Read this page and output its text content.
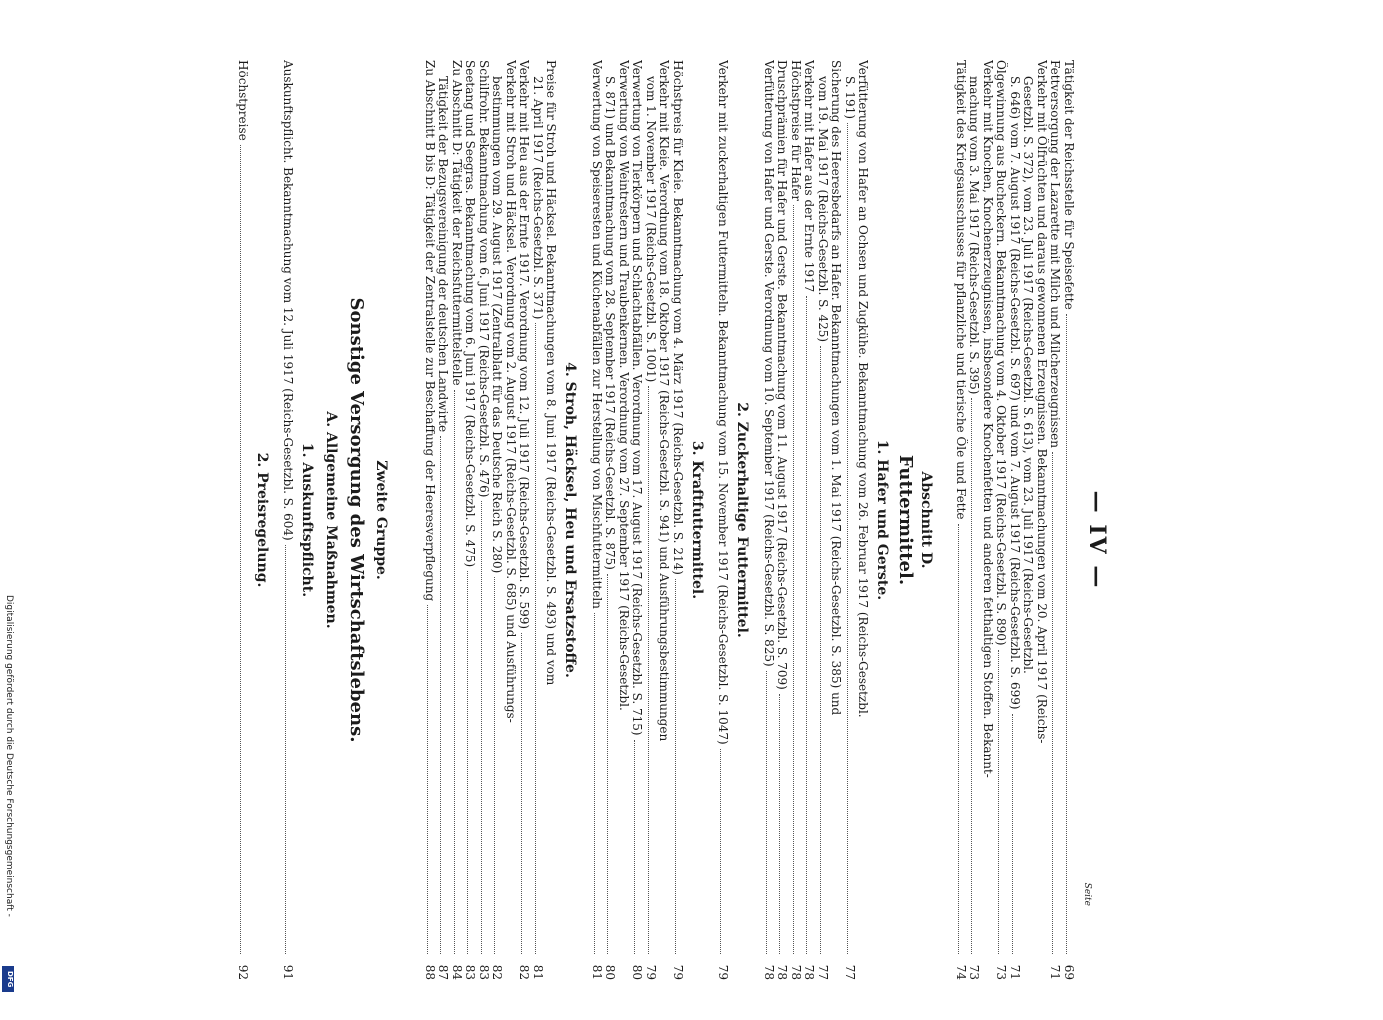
— IV —
Seite
Tätigkeit der Reichsstelle für Speisefette
69
Fettversorgung der Lazarette mit Milch und Milcherzeugnissen
71
Verkehr mit Ölfrüchten und daraus gewonnenen Erzeugnissen. Bekanntmachungen vom 20. April 1917 (Reichs-
Gesetzbl. S. 372), vom 23. Juli 1917 (Reichs-Gesetzbl. S. 613), vom 23. Juli 1917 (Reichs-Gesetzbl.
S. 646) vom 7. August 1917 (Reichs-Gesetzbl. S. 697) und vom 7. August 1917 (Reichs-Gesetzbl. S. 699)
71
Ölgewinnung aus Bucheckern. Bekanntmachung vom 4. Oktober 1917 (Reichs-Gesetzbl. S. 890)
73
Verkehr mit Knochen, Knochenerzeugnissen, insbesondere Knochenfetten und anderen fetthaltigen Stoffen. Bekannt-
machung vom 3. Mai 1917 (Reichs-Gesetzbl. S. 395)
73
Tätigkeit des Kriegsausschusses für pflanzliche und tierische Öle und Fette
74
Abschnitt D.
Futtermittel.
1. Hafer und Gerste.
Verfütterung von Hafer an Ochsen und Zugkühe. Bekanntmachung vom 26. Februar 1917 (Reichs-Gesetzbl.
S. 191)
77
Sicherung des Heeresbedarfs an Hafer. Bekanntmachungen vom 1. Mai 1917 (Reichs-Gesetzbl. S. 385) und
vom 19. Mai 1917 (Reichs-Gesetzbl. S. 425)
77
Verkehr mit Hafer aus der Ernte 1917
78
Höchstpreise für Hafer
78
Druschprämien für Hafer und Gerste. Bekanntmachung vom 11. August 1917 (Reichs-Gesetzbl. S. 709)
78
Verfütterung von Hafer und Gerste. Verordnung vom 10. September 1917 (Reichs-Gesetzbl. S. 825)
78
2. Zuckerhaltige Futtermittel.
Verkehr mit zuckerhaltigen Futtermitteln. Bekanntmachung vom 15. November 1917 (Reichs-Gesetzbl. S. 1047)
79
3. Kraftfuttermittel.
Höchstpreis für Kleie. Bekanntmachung vom 4. März 1917 (Reichs-Gesetzbl. S. 214)
79
Verkehr mit Kleie. Verordnung vom 18. Oktober 1917 (Reichs-Gesetzbl. S. 941) und Ausführungsbestimmungen
vom 1. November 1917 (Reichs-Gesetzbl. S. 1001)
79
Verwertung von Tierkörpern und Schlachtabfällen. Verordnung vom 17. August 1917 (Reichs-Gesetzbl. S. 715)
80
Verwertung von Weintrestern und Traubenkernen. Verordnung vom 27. September 1917 (Reichs-Gesetzbl.
S. 871) und Bekanntmachung vom 28. September 1917 (Reichs-Gesetzbl. S. 875)
80
Verwertung von Speiseresten und Küchenabfällen zur Herstellung von Mischfuttermitteln
81
4. Stroh, Häcksel, Heu und Ersatzstoffe.
Preise für Stroh und Häcksel. Bekanntmachungen vom 8. Juni 1917 (Reichs-Gesetzbl. S. 493) und vom
21. April 1917 (Reichs-Gesetzbl. S. 371)
81
Verkehr mit Heu aus der Ernte 1917. Verordnung vom 12. Juli 1917 (Reichs-Gesetzbl. S. 599)
82
Verkehr mit Stroh und Häcksel. Verordnung vom 2. August 1917 (Reichs-Gesetzbl. S. 685) und Ausführungs-
bestimmungen vom 29. August 1917 (Zentralblatt für das Deutsche Reich S. 280)
82
Schilfrohr. Bekanntmachung vom 6. Juni 1917 (Reichs-Gesetzbl. S. 476)
83
Seetang und Seegras. Bekanntmachung vom 6. Juni 1917 (Reichs-Gesetzbl. S. 475)
83
Zu Abschnitt D: Tätigkeit der Reichsfuttermittelstelle
84
Tätigkeit der Bezugsvereinigung der deutschen Landwirte
87
Zu Abschnitt B bis D: Tätigkeit der Zentralstelle zur Beschaffung der Heeresverpflegung
88
Zweite Gruppe.
Sonstige Versorgung des Wirtschaftslebens.
A. Allgemeine Maßnahmen.
1. Auskunftspflicht.
Auskunftspflicht. Bekanntmachung vom 12. Juli 1917 (Reichs-Gesetzbl. S. 604)
91
2. Preisregelung.
Höchstpreise
92
Digitalisierung gefördert durch die Deutsche Forschungsgemeinschaft -
DFG
